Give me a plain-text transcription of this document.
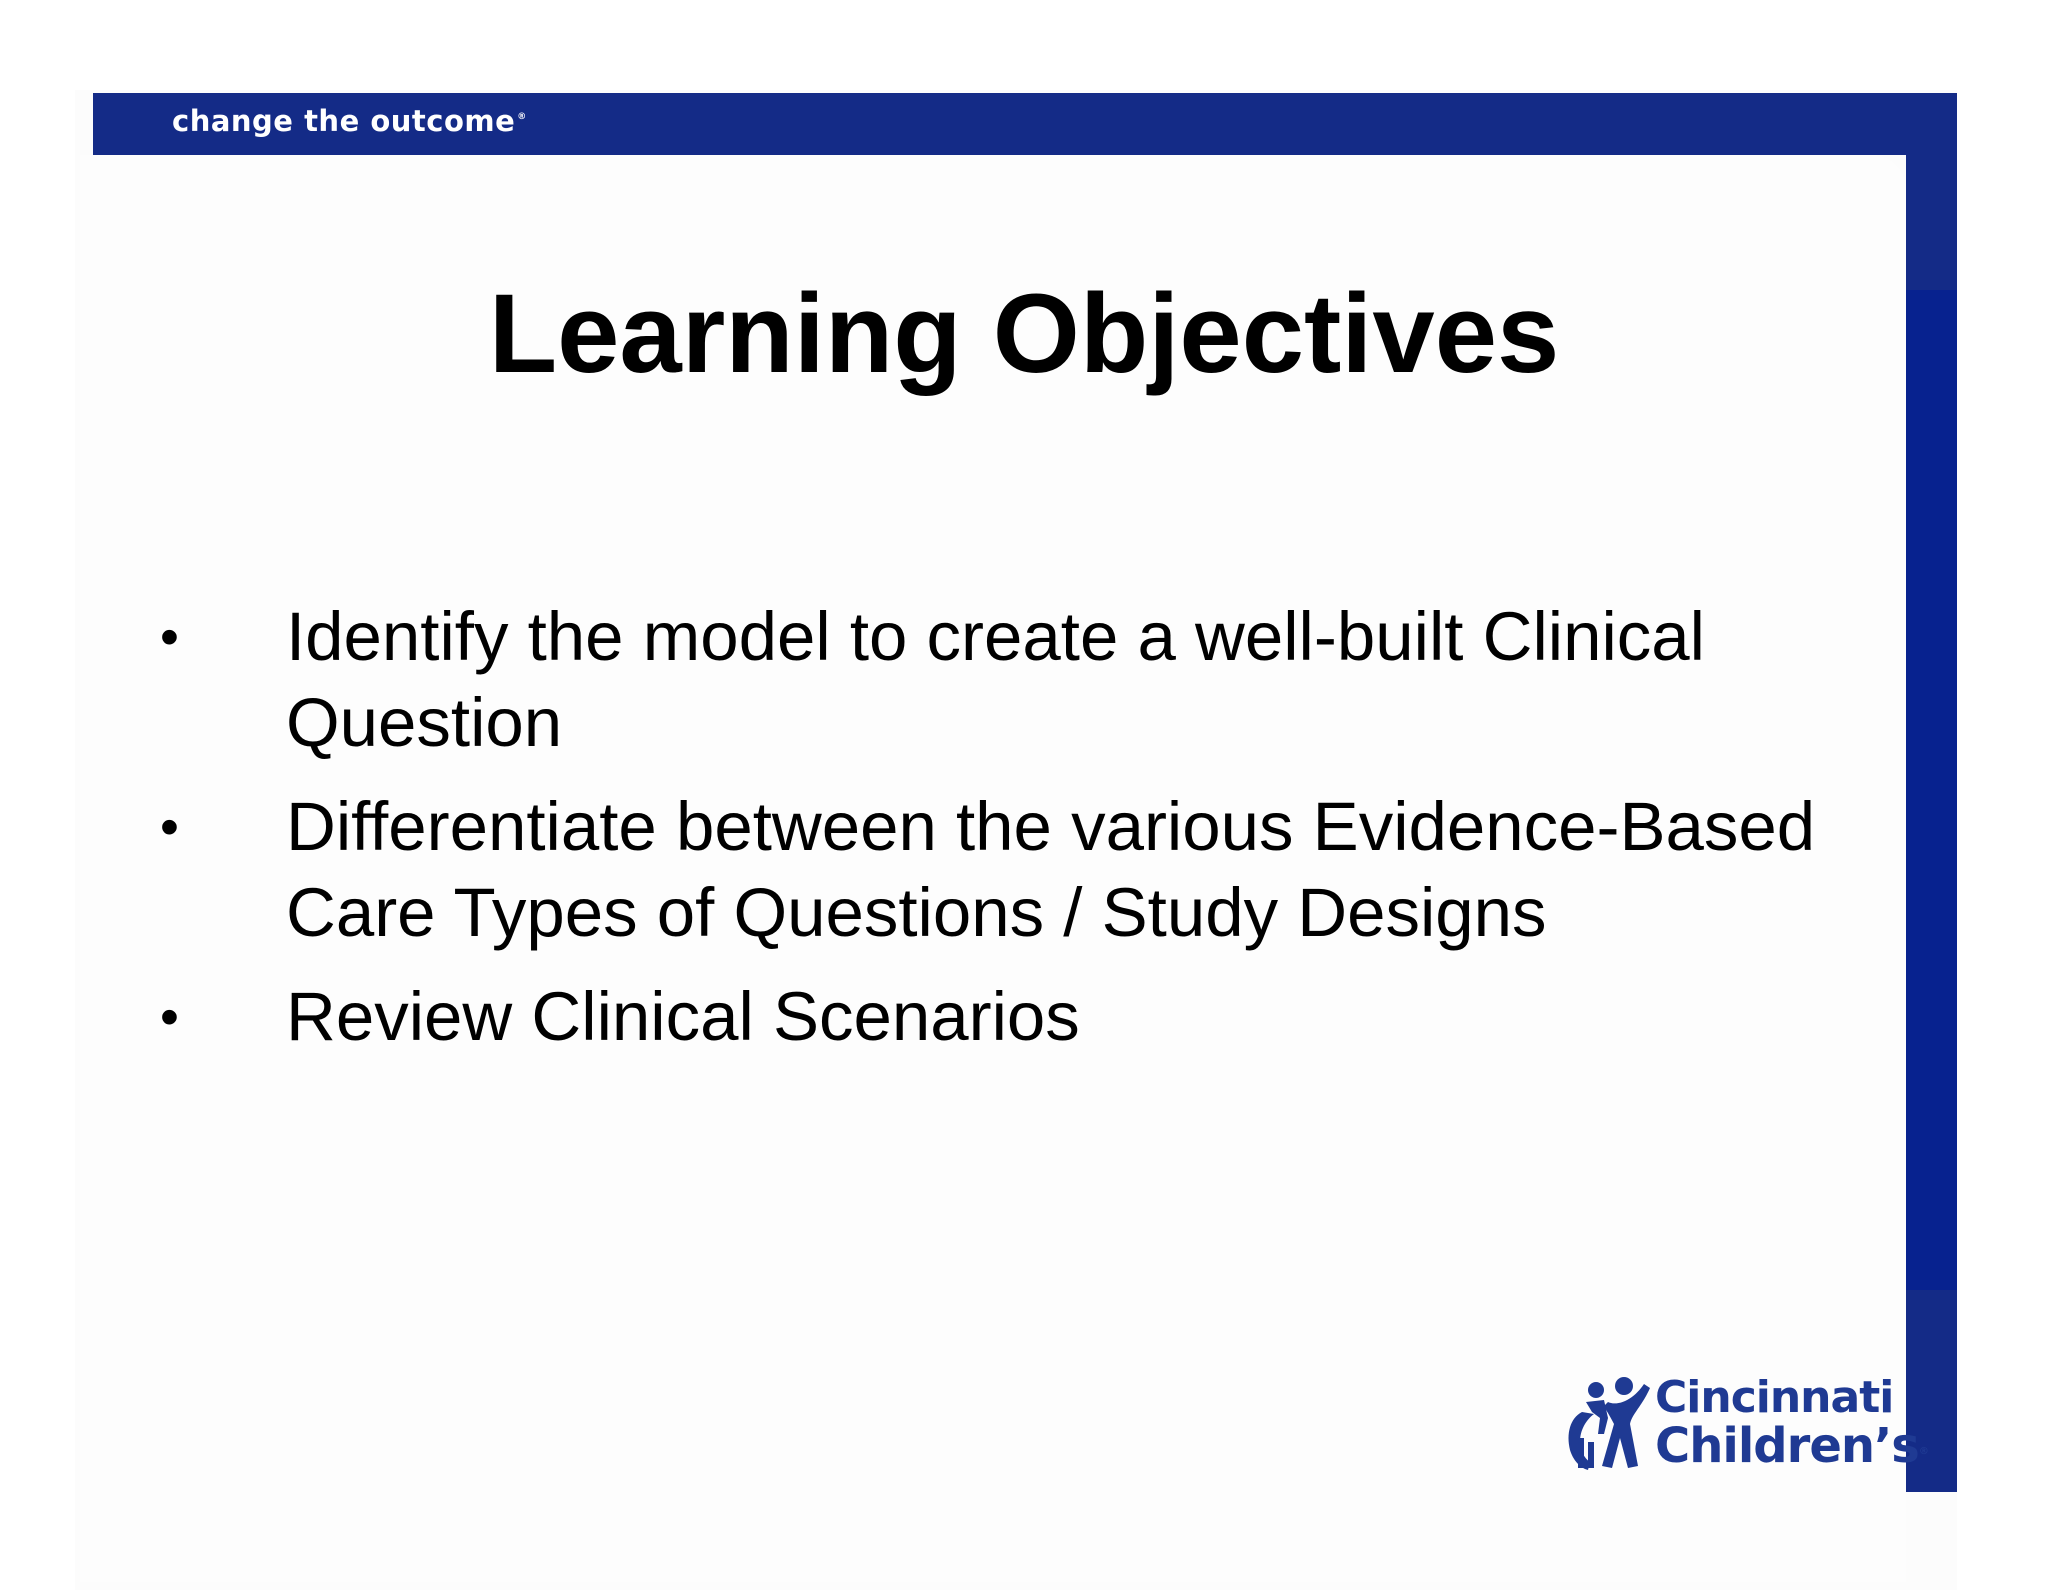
change the outcome ®
Learning Objectives
• Identify the model to create a well-built Clinical Question
• Differentiate between the various Evidence-Based Care Types of Questions / Study Designs
• Review Clinical Scenarios
Cincinnati
Children’s®
